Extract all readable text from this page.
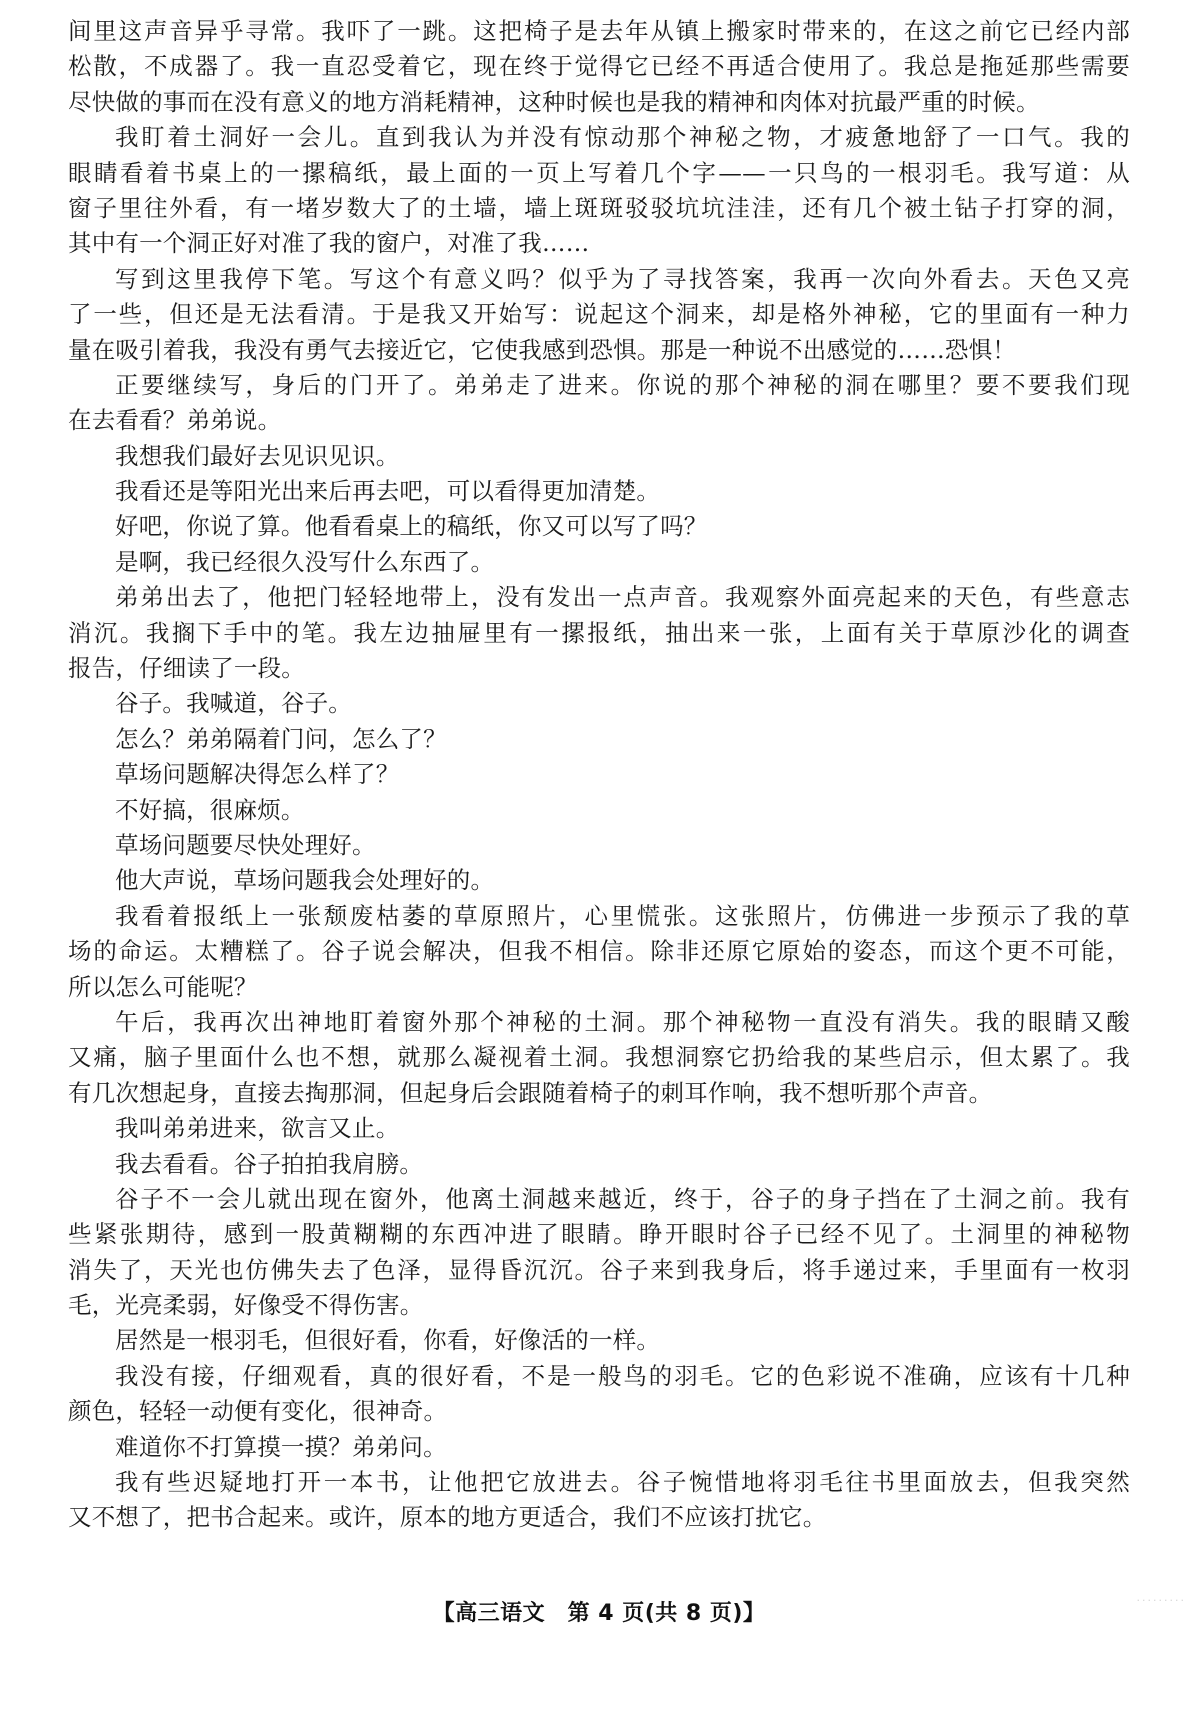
间里这声音异乎寻常。我吓了一跳。这把椅子是去年从镇上搬家时带来的，在这之前它已经内部
松散，不成器了。我一直忍受着它，现在终于觉得它已经不再适合使用了。我总是拖延那些需要
尽快做的事而在没有意义的地方消耗精神，这种时候也是我的精神和肉体对抗最严重的时候。
我盯着土洞好一会儿。直到我认为并没有惊动那个神秘之物，才疲惫地舒了一口气。我的
眼睛看着书桌上的一摞稿纸，最上面的一页上写着几个字——一只鸟的一根羽毛。我写道：从
窗子里往外看，有一堵岁数大了的土墙，墙上斑斑驳驳坑坑洼洼，还有几个被土钻子打穿的洞，
其中有一个洞正好对准了我的窗户，对准了我……
写到这里我停下笔。写这个有意义吗？似乎为了寻找答案，我再一次向外看去。天色又亮
了一些，但还是无法看清。于是我又开始写：说起这个洞来，却是格外神秘，它的里面有一种力
量在吸引着我，我没有勇气去接近它，它使我感到恐惧。那是一种说不出感觉的……恐惧！
正要继续写，身后的门开了。弟弟走了进来。你说的那个神秘的洞在哪里？要不要我们现
在去看看？弟弟说。
我想我们最好去见识见识。
我看还是等阳光出来后再去吧，可以看得更加清楚。
好吧，你说了算。他看看桌上的稿纸，你又可以写了吗？
是啊，我已经很久没写什么东西了。
弟弟出去了，他把门轻轻地带上，没有发出一点声音。我观察外面亮起来的天色，有些意志
消沉。我搁下手中的笔。我左边抽屉里有一摞报纸，抽出来一张，上面有关于草原沙化的调查
报告，仔细读了一段。
谷子。我喊道，谷子。
怎么？弟弟隔着门问，怎么了？
草场问题解决得怎么样了？
不好搞，很麻烦。
草场问题要尽快处理好。
他大声说，草场问题我会处理好的。
我看着报纸上一张颓废枯萎的草原照片，心里慌张。这张照片，仿佛进一步预示了我的草
场的命运。太糟糕了。谷子说会解决，但我不相信。除非还原它原始的姿态，而这个更不可能，
所以怎么可能呢？
午后，我再次出神地盯着窗外那个神秘的土洞。那个神秘物一直没有消失。我的眼睛又酸
又痛，脑子里面什么也不想，就那么凝视着土洞。我想洞察它扔给我的某些启示，但太累了。我
有几次想起身，直接去掏那洞，但起身后会跟随着椅子的刺耳作响，我不想听那个声音。
我叫弟弟进来，欲言又止。
我去看看。谷子拍拍我肩膀。
谷子不一会儿就出现在窗外，他离土洞越来越近，终于，谷子的身子挡在了土洞之前。我有
些紧张期待，感到一股黄糊糊的东西冲进了眼睛。睁开眼时谷子已经不见了。土洞里的神秘物
消失了，天光也仿佛失去了色泽，显得昏沉沉。谷子来到我身后，将手递过来，手里面有一枚羽
毛，光亮柔弱，好像受不得伤害。
居然是一根羽毛，但很好看，你看，好像活的一样。
我没有接，仔细观看，真的很好看，不是一般鸟的羽毛。它的色彩说不准确，应该有十几种
颜色，轻轻一动便有变化，很神奇。
难道你不打算摸一摸？弟弟问。
我有些迟疑地打开一本书，让他把它放进去。谷子惋惜地将羽毛往书里面放去，但我突然
又不想了，把书合起来。或许，原本的地方更适合，我们不应该打扰它。
【高三语文　第 4 页(共 8 页)】
·········
